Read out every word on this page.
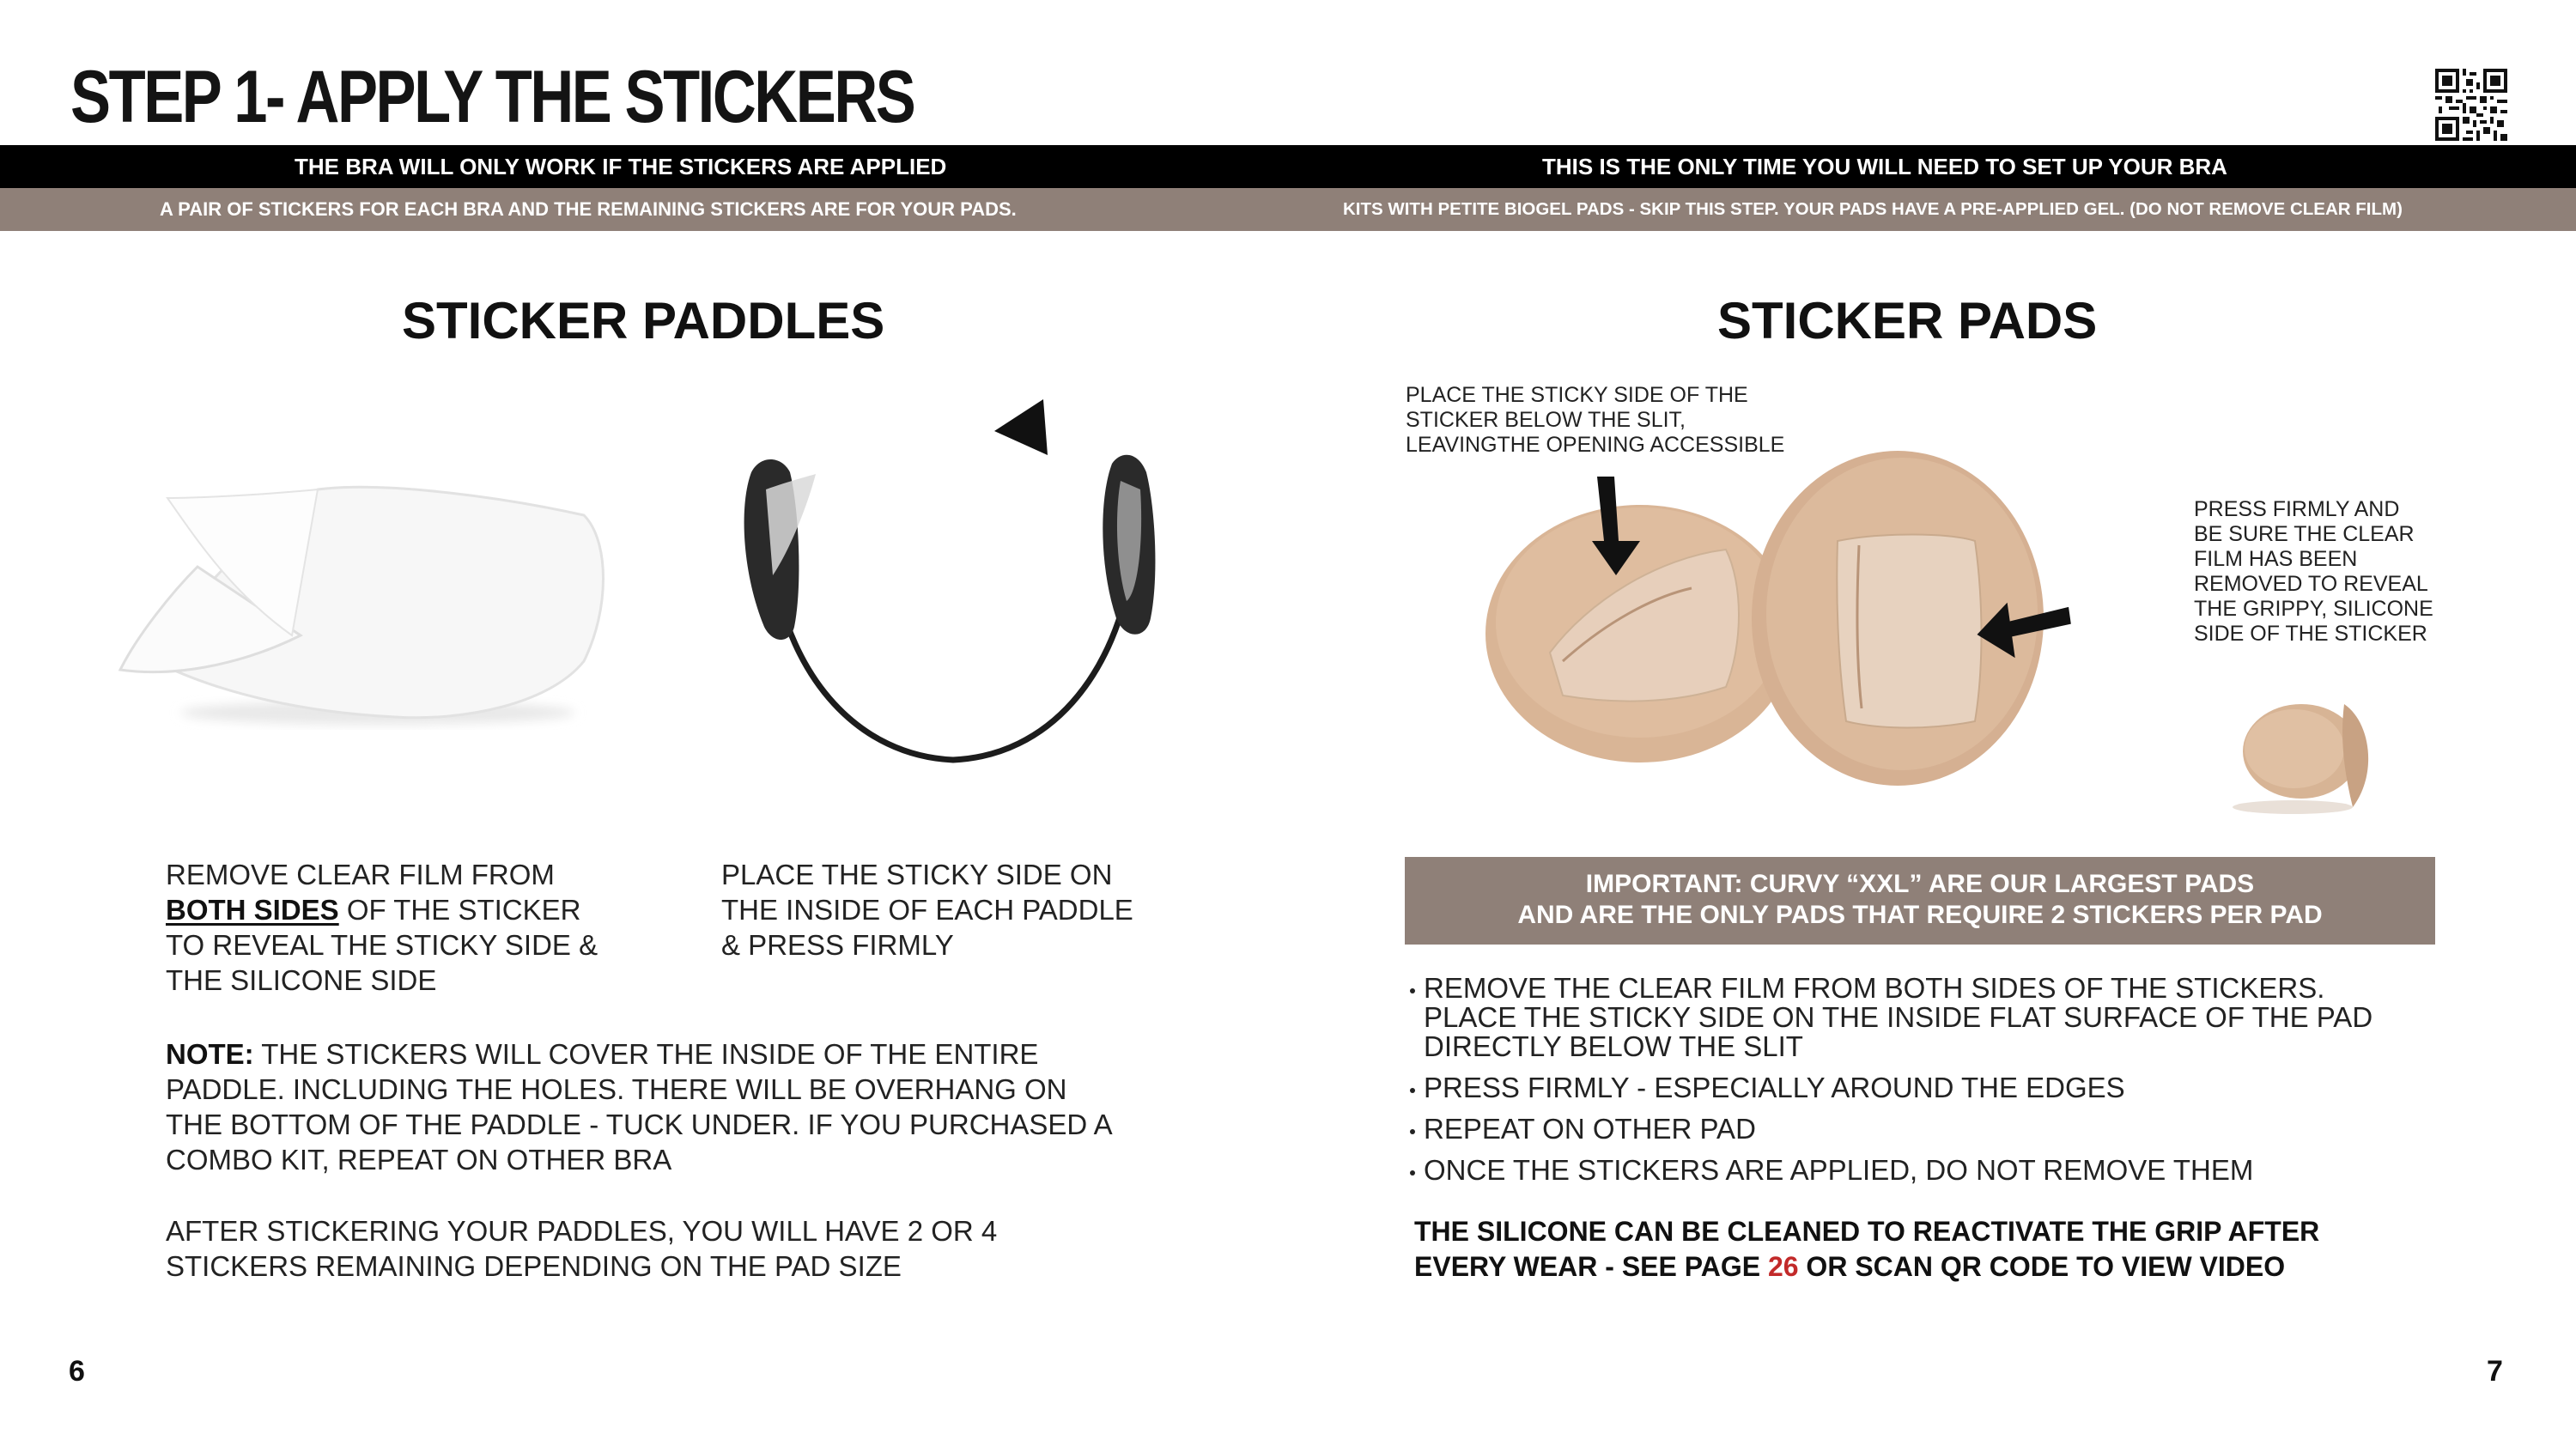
STEP 1- APPLY THE STICKERS
THE BRA WILL ONLY WORK IF THE STICKERS ARE APPLIED	THIS IS THE ONLY TIME YOU WILL NEED TO SET UP YOUR BRA
A PAIR OF STICKERS FOR EACH BRA AND THE REMAINING STICKERS ARE FOR YOUR PADS.	KITS WITH PETITE BIOGEL PADS - SKIP THIS STEP. YOUR PADS HAVE A PRE-APPLIED GEL. (DO NOT REMOVE CLEAR FILM)
STICKER PADDLES

REMOVE CLEAR FILM FROM
BOTH SIDES OF THE STICKER
TO REVEAL THE STICKY SIDE &
THE SILICONE SIDE

PLACE THE STICKY SIDE ON
THE INSIDE OF EACH PADDLE
& PRESS FIRMLY

NOTE: THE STICKERS WILL COVER THE INSIDE OF THE ENTIRE
PADDLE. INCLUDING THE HOLES. THERE WILL BE OVERHANG ON
THE BOTTOM OF THE PADDLE - TUCK UNDER. IF YOU PURCHASED A
COMBO KIT, REPEAT ON OTHER BRA

AFTER STICKERING YOUR PADDLES, YOU WILL HAVE 2 OR 4
STICKERS REMAINING DEPENDING ON THE PAD SIZE

STICKER PADS

PLACE THE STICKY SIDE OF THE
STICKER BELOW THE SLIT,
LEAVINGTHE OPENING ACCESSIBLE

PRESS FIRMLY AND
BE SURE THE CLEAR
FILM HAS BEEN
REMOVED TO REVEAL
THE GRIPPY, SILICONE
SIDE OF THE STICKER

IMPORTANT: CURVY “XXL” ARE OUR LARGEST PADS
AND ARE THE ONLY PADS THAT REQUIRE 2 STICKERS PER PAD
REMOVE THE CLEAR FILM FROM BOTH SIDES OF THE STICKERS.
PLACE THE STICKY SIDE ON THE INSIDE FLAT SURFACE OF THE PAD
DIRECTLY BELOW THE SLIT
PRESS FIRMLY - ESPECIALLY AROUND THE EDGES
REPEAT ON OTHER PAD
ONCE THE STICKERS ARE APPLIED, DO NOT REMOVE THEM

THE SILICONE CAN BE CLEANED TO REACTIVATE THE GRIP AFTER
EVERY WEAR - SEE PAGE 26 OR SCAN QR CODE TO VIEW VIDEO

6	7
